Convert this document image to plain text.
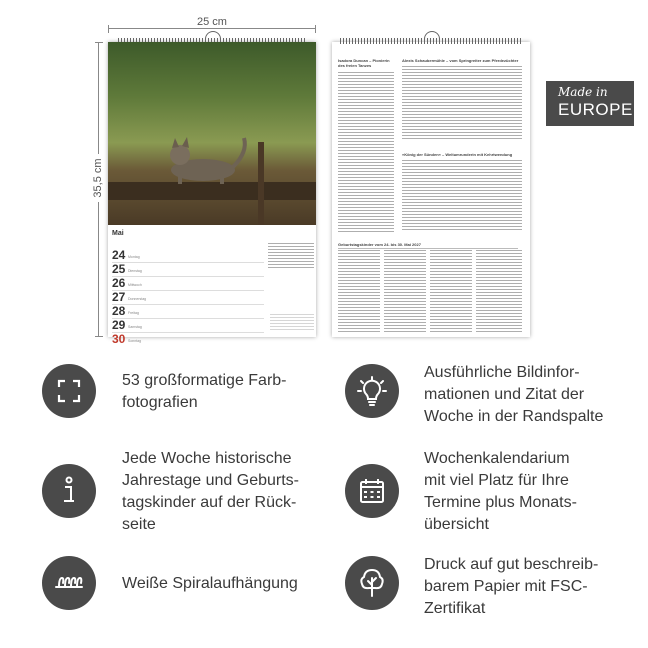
25 cm
35,5 cm
Mai
24 Montag
25 Dienstag
26 Mittwoch
27 Donnerstag
28 Freitag
29 Samstag
30 Sonntag
Isadora Duncan – Pionierin des freien Tanzes
Alexis Schaubermühle – vom Springreiter zum Pferdezüchter
»König der Sünden« – Weltumrunderin mit Kehrtwendung
Geburtstagskinder vom 24. bis 30. Mai 2027
Made in
EUROPE
53 großformatige Farb-
fotografien
Ausführliche Bildinfor-
mationen und Zitat der
Woche in der Randspalte
Jede Woche historische
Jahrestage und Geburts-
tagskinder auf der Rück-
seite
Wochenkalendarium
mit viel Platz für Ihre
Termine plus Monats-
übersicht
Weiße Spiralaufhängung
Druck auf gut beschreib-
barem Papier mit FSC-
Zertifikat
